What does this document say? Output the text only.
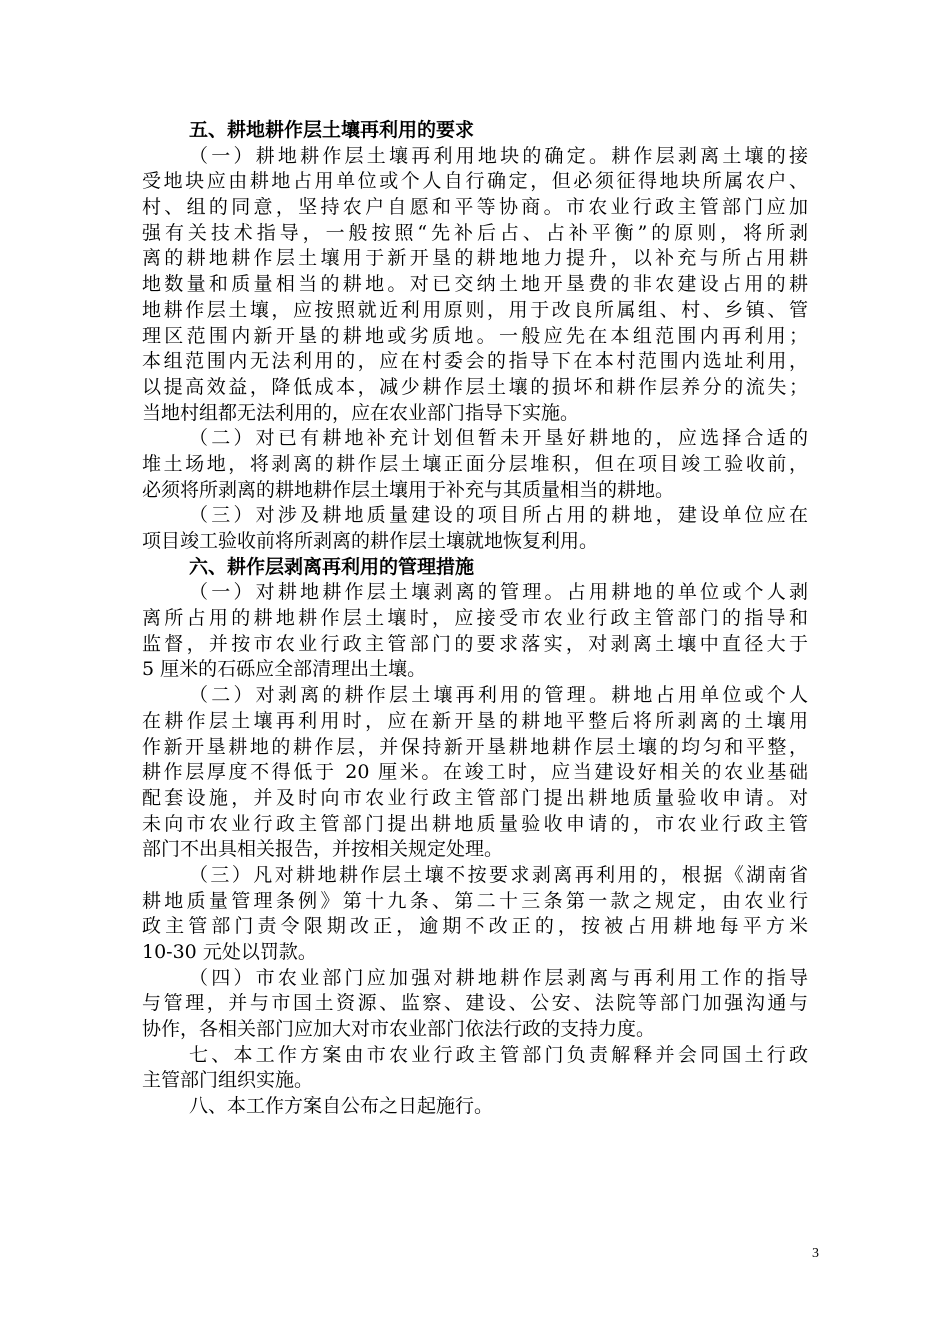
五、耕地耕作层土壤再利用的要求
（一）耕地耕作层土壤再利用地块的确定。耕作层剥离土壤的接
受地块应由耕地占用单位或个人自行确定，但必须征得地块所属农户、
村、组的同意，坚持农户自愿和平等协商。市农业行政主管部门应加
强有关技术指导，一般按照“先补后占、占补平衡”的原则，将所剥
离的耕地耕作层土壤用于新开垦的耕地地力提升，以补充与所占用耕
地数量和质量相当的耕地。对已交纳土地开垦费的非农建设占用的耕
地耕作层土壤，应按照就近利用原则，用于改良所属组、村、乡镇、管
理区范围内新开垦的耕地或劣质地。一般应先在本组范围内再利用；
本组范围内无法利用的，应在村委会的指导下在本村范围内选址利用，
以提高效益，降低成本，减少耕作层土壤的损坏和耕作层养分的流失；
当地村组都无法利用的，应在农业部门指导下实施。
（二）对已有耕地补充计划但暂未开垦好耕地的，应选择合适的
堆土场地，将剥离的耕作层土壤正面分层堆积，但在项目竣工验收前，
必须将所剥离的耕地耕作层土壤用于补充与其质量相当的耕地。
（三）对涉及耕地质量建设的项目所占用的耕地，建设单位应在
项目竣工验收前将所剥离的耕作层土壤就地恢复利用。
六、耕作层剥离再利用的管理措施
（一）对耕地耕作层土壤剥离的管理。占用耕地的单位或个人剥
离所占用的耕地耕作层土壤时，应接受市农业行政主管部门的指导和
监督，并按市农业行政主管部门的要求落实，对剥离土壤中直径大于
5 厘米的石砾应全部清理出土壤。
（二）对剥离的耕作层土壤再利用的管理。耕地占用单位或个人
在耕作层土壤再利用时，应在新开垦的耕地平整后将所剥离的土壤用
作新开垦耕地的耕作层，并保持新开垦耕地耕作层土壤的均匀和平整，
耕作层厚度不得低于 20 厘米。在竣工时，应当建设好相关的农业基础
配套设施，并及时向市农业行政主管部门提出耕地质量验收申请。对
未向市农业行政主管部门提出耕地质量验收申请的，市农业行政主管
部门不出具相关报告，并按相关规定处理。
（三）凡对耕地耕作层土壤不按要求剥离再利用的，根据《湖南省
耕地质量管理条例》第十九条、第二十三条第一款之规定，由农业行
政主管部门责令限期改正，逾期不改正的，按被占用耕地每平方米
10-30 元处以罚款。
（四）市农业部门应加强对耕地耕作层剥离与再利用工作的指导
与管理，并与市国土资源、监察、建设、公安、法院等部门加强沟通与
协作，各相关部门应加大对市农业部门依法行政的支持力度。
七、本工作方案由市农业行政主管部门负责解释并会同国土行政
主管部门组织实施。
八、本工作方案自公布之日起施行。
3
